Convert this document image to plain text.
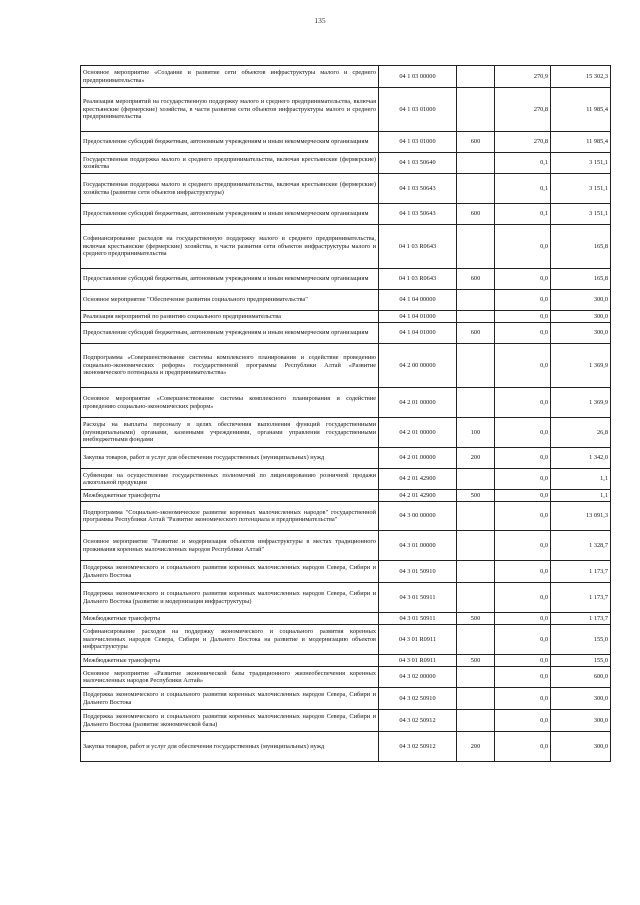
135
Основное мероприятие «Создание и развитие сети объектов инфраструктуры малого и среднего предпринимательства»	04 1 03 00000		270,9	15 302,3
Реализация мероприятий на государственную поддержку малого и среднего предпринимательства, включая крестьянские (фермерские) хозяйства, в части развития сети объектов инфраструктуры малого и среднего предпринимательства	04 1 03 01000		270,8	11 985,4
Предоставление субсидий бюджетным, автономным учреждениям и иным некоммерческим организациям	04 1 03 01000	600	270,8	11 985,4
Государственная поддержка малого и среднего предпринимательства, включая крестьянские (фермерские) хозяйства	04 1 03 50640		0,1	3 151,1
Государственная поддержка малого и среднего предпринимательства, включая крестьянские (фермерские) хозяйства (развитие сети объектов инфраструктуры)	04 1 03 50643		0,1	3 151,1
Предоставление субсидий бюджетным, автономным учреждениям и иным некоммерческим организациям	04 1 03 50643	600	0,1	3 151,1
Софинансирование расходов на государственную поддержку малого и среднего предпринимательства, включая крестьянские (фермерские) хозяйства, в части развития сети объектов инфраструктуры малого и среднего предпринимательства	04 1 03 R0643		0,0	165,8
Предоставление субсидий бюджетным, автономным учреждениям и иным некоммерческим организациям	04 1 03 R0643	600	0,0	165,8
Основное мероприятие "Обеспечение развития социального предпринимательства"	04 1 04 00000		0,0	300,0
Реализация мероприятий по развитию социального предпринимательства	04 1 04 01000		0,0	300,0
Предоставление субсидий бюджетным, автономным учреждениям и иным некоммерческим организациям	04 1 04 01000	600	0,0	300,0
Подпрограмма «Совершенствование системы комплексного планирования и содействие проведению социально-экономических реформ» государственной программы Республики Алтай «Развитие экономического потенциала и предпринимательства»	04 2 00 00000		0,0	1 369,9
Основное мероприятие «Совершенствование системы комплексного планирования и содействие проведению социально-экономических реформ»	04 2 01 00000		0,0	1 369,9
Расходы на выплаты персоналу в целях обеспечения выполнения функций государственными (муниципальными) органами, казенными учреждениями, органами управления государственными внебюджетными фондами	04 2 01 00000	100	0,0	26,8
Закупка товаров, работ и услуг для обеспечения государственных (муниципальных) нужд	04 2 01 00000	200	0,0	1 342,0
Субвенции на осуществление государственных полномочий по лицензированию розничной продажи алкогольной продукции	04 2 01 42900		0,0	1,1
Межбюджетные трансферты	04 2 01 42900	500	0,0	1,1
Подпрограмма "Социально-экономическое развитие коренных малочисленных народов" государственной программы Республики Алтай "Развитие экономического потенциала и предпринимательства"	04 3 00 00000		0,0	13 091,3
Основное мероприятие "Развитие и модернизация объектов инфраструктуры в местах традиционного проживания коренных малочисленных народов Республики Алтай"	04 3 01 00000		0,0	1 328,7
Поддержка экономического и социального развития коренных малочисленных народов Севера, Сибири и Дальнего Востока	04 3 01 50910		0,0	1 173,7
Поддержка экономического и социального развития коренных малочисленных народов Севера, Сибири и Дальнего Востока (развитие и модернизация инфраструктуры)	04 3 01 50911		0,0	1 173,7
Межбюджетные трансферты	04 3 01 50911	500	0,0	1 173,7
Софинансирование расходов на поддержку экономического и социального развития коренных малочисленных народов Севера, Сибири и Дальнего Востока на развитие и модернизацию объектов инфраструктуры	04 3 01 R0911		0,0	155,0
Межбюджетные трансферты	04 3 01 R0911	500	0,0	155,0
Основное мероприятие «Развитие экономической базы традиционного жизнеобеспечения коренных малочисленных народов Республики Алтай»	04 3 02 00000		0,0	600,0
Поддержка экономического и социального развития коренных малочисленных народов Севера, Сибири и Дальнего Востока	04 3 02 50910		0,0	300,0
Поддержка экономического и социального развития коренных малочисленных народов Севера, Сибири и Дальнего Востока (развитие экономической базы)	04 3 02 50912		0,0	300,0
Закупка товаров, работ и услуг для обеспечения государственных (муниципальных) нужд	04 3 02 50912	200	0,0	300,0
